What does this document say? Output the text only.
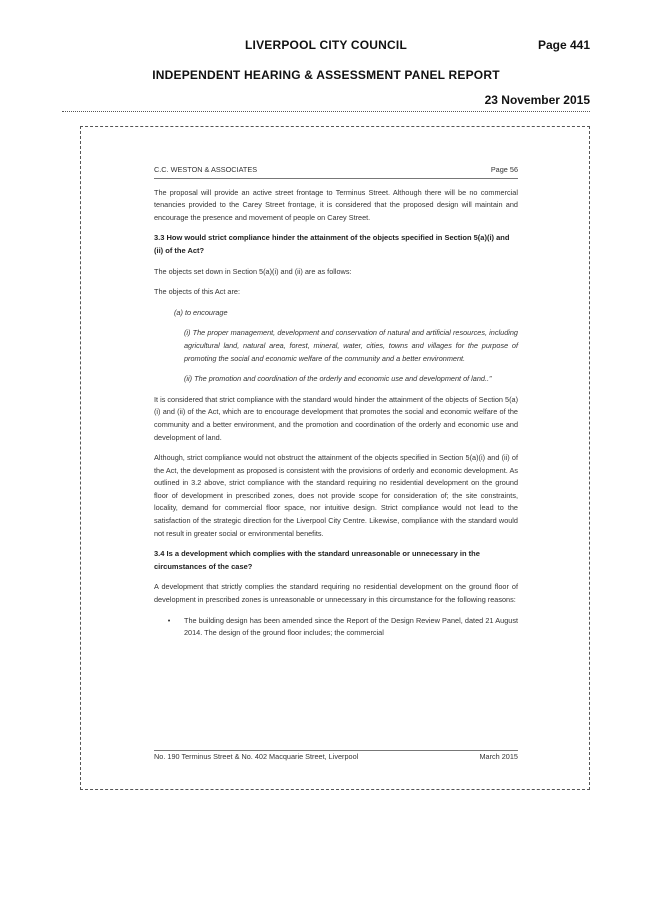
LIVERPOOL CITY COUNCIL	Page 441
INDEPENDENT HEARING & ASSESSMENT PANEL REPORT
23 November 2015
C.C. WESTON & ASSOCIATES	Page 56

The proposal will provide an active street frontage to Terminus Street. Although there will be no commercial tenancies provided to the Carey Street frontage, it is considered that the proposed design will maintain and encourage the presence and movement of people on Carey Street.

3.3 How would strict compliance hinder the attainment of the objects specified in Section 5(a)(i) and (ii) of the Act?

The objects set down in Section 5(a)(i) and (ii) are as follows:

The objects of this Act are:

(a) to encourage

(i) The proper management, development and conservation of natural and artificial resources, including agricultural land, natural area, forest, mineral, water, cities, towns and villages for the purpose of promoting the social and economic welfare of the community and a better environment.

(ii) The promotion and coordination of the orderly and economic use and development of land..”

It is considered that strict compliance with the standard would hinder the attainment of the objects of Section 5(a)(i) and (ii) of the Act, which are to encourage development that promotes the social and economic welfare of the community and a better environment, and the promotion and coordination of the orderly and economic use and development of land.

Although, strict compliance would not obstruct the attainment of the objects specified in Section 5(a)(i) and (ii) of the Act, the development as proposed is consistent with the provisions of orderly and economic development. As outlined in 3.2 above, strict compliance with the standard requiring no residential development on the ground floor of development in prescribed zones, does not provide scope for consideration of; the site constraints, locality, demand for commercial floor space, nor intuitive design. Strict compliance would not lead to the satisfaction of the strategic direction for the Liverpool City Centre. Likewise, compliance with the standard would not result in greater social or environmental benefits.

3.4 Is a development which complies with the standard unreasonable or unnecessary in the circumstances of the case?

A development that strictly complies the standard requiring no residential development on the ground floor of development in prescribed zones is unreasonable or unnecessary in this circumstance for the following reasons:

•	The building design has been amended since the Report of the Design Review Panel, dated 21 August 2014. The design of the ground floor includes; the commercial
No. 190 Terminus Street & No. 402 Macquarie Street, Liverpool	March 2015
